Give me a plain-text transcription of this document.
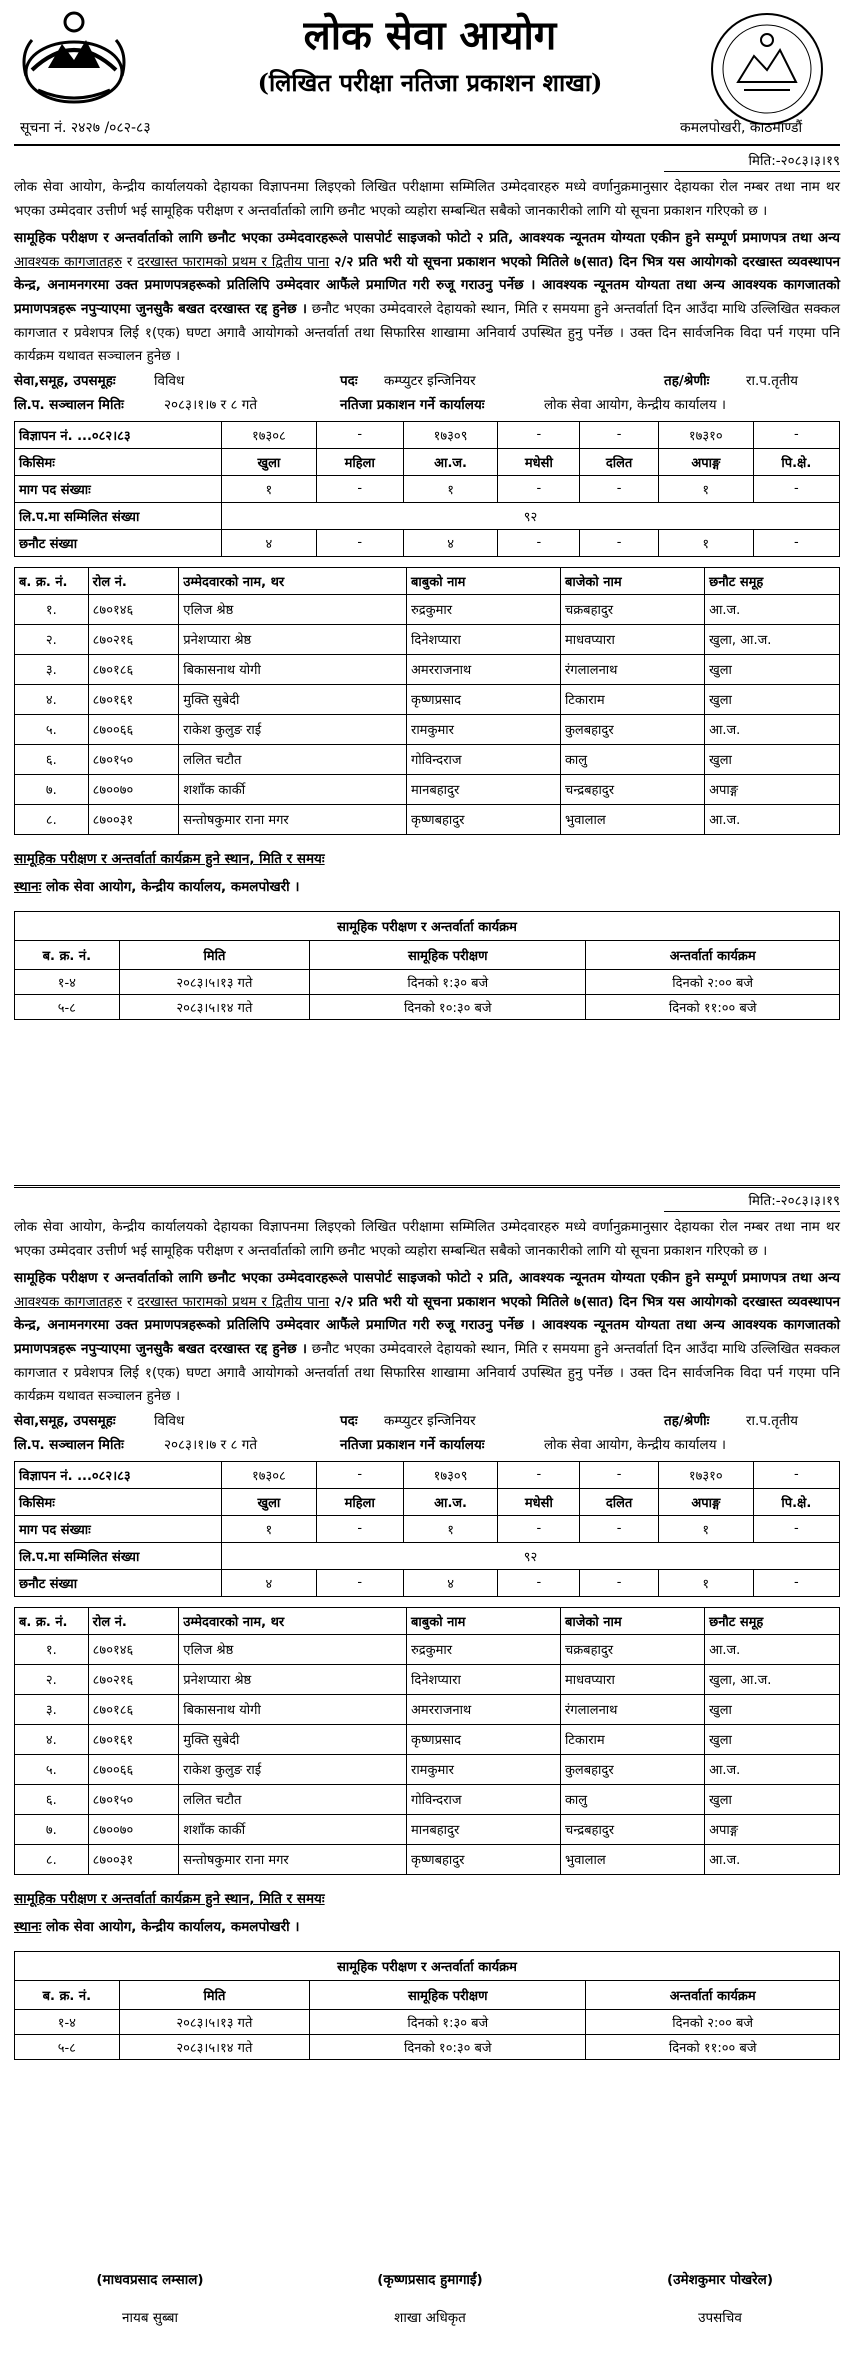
लोक सेवा आयोग
(लिखित परीक्षा नतिजा प्रकाशन शाखा)
सूचना नं. २४२७ /०८२-८३	कमलपोखरी, काठमाण्डौं
(माधवप्रसाद लम्साल)
नायब सुब्बा
(कृष्णप्रसाद हुमागाईं)
शाखा अधिकृत
(उमेशकुमार पोखरेल)
उपसचिव
मिति:-२०८३।३।१९
लोक सेवा आयोग, केन्द्रीय कार्यालयको देहायका विज्ञापनमा लिइएको लिखित परीक्षामा सम्मिलित उम्मेदवारहरु मध्ये वर्णानुक्रमानुसार देहायका रोल नम्बर तथा नाम थर भएका उम्मेदवार उत्तीर्ण भई सामूहिक परीक्षण र अन्तर्वार्ताको लागि छनौट भएको व्यहोरा सम्बन्धित सबैको जानकारीको लागि यो सूचना प्रकाशन गरिएको छ ।
सामूहिक परीक्षण र अन्तर्वार्ताको लागि छनौट भएका उम्मेदवारहरूले पासपोर्ट साइजको फोटो २ प्रति, आवश्यक न्यूनतम योग्यता एकीन हुने सम्पूर्ण प्रमाणपत्र तथा अन्य आवश्यक कागजातहरु र दरखास्त फारामको प्रथम र द्वितीय पाना २/२ प्रति भरी यो सूचना प्रकाशन भएको मितिले ७(सात) दिन भित्र यस आयोगको दरखास्त व्यवस्थापन केन्द्र, अनामनगरमा उक्त प्रमाणपत्रहरूको प्रतिलिपि उम्मेदवार आफैंले प्रमाणित गरी रुजू गराउनु पर्नेछ । आवश्यक न्यूनतम योग्यता तथा अन्य आवश्यक कागजातको प्रमाणपत्रहरू नपुऱ्याएमा जुनसुकै बखत दरखास्त रद्द हुनेछ । छनौट भएका उम्मेदवारले देहायको स्थान, मिति र समयमा हुने अन्तर्वार्ता दिन आउँदा माथि उल्लिखित सक्कल कागजात र प्रवेशपत्र लिई १(एक) घण्टा अगावै आयोगको अन्तर्वार्ता तथा सिफारिस शाखामा अनिवार्य उपस्थित हुनु पर्नेछ । उक्त दिन सार्वजनिक विदा पर्न गएमा पनि कार्यक्रम यथावत सञ्चालन हुनेछ ।
सेवा,समूह, उपसमूहः	विविध	पदः कम्प्युटर इन्जिनियर	तह/श्रेणीः	रा.प.तृतीय
लि.प. सञ्चालन मितिः	२०८३।१।७ र ८ गते	नतिजा प्रकाशन गर्ने कार्यालयः	लोक सेवा आयोग, केन्द्रीय कार्यालय ।
विज्ञापन नं. ...०८२।८३	१७३०८	-	१७३०९	-	-	१७३१०	-
किसिमः	खुला	महिला	आ.ज.	मधेसी	दलित	अपाङ्ग	पि.क्षे.
माग पद संख्याः	१	-	१	-	-	१	-
लि.प.मा सम्मिलित संख्या	९२						
छनौट संख्या	४	-	४	-	-	१	-
ब. क्र. नं.	रोल नं.	उम्मेदवारको नाम, थर	बाबुको नाम	बाजेको नाम	छनौट समूह
१.	८७०१४६	एलिज श्रेष्ठ	रुद्रकुमार	चक्रबहादुर	आ.ज.
२.	८७०२१६	प्रनेशप्यारा श्रेष्ठ	दिनेशप्यारा	माधवप्यारा	खुला, आ.ज.
३.	८७०१८६	बिकासनाथ योगी	अमरराजनाथ	रंगलालनाथ	खुला
४.	८७०१६१	मुक्ति सुबेदी	कृष्णप्रसाद	टिकाराम	खुला
५.	८७००६६	राकेश कुलुङ राई	रामकुमार	कुलबहादुर	आ.ज.
६.	८७०१५०	ललित चटौत	गोविन्दराज	कालु	खुला
७.	८७००७०	शशाँक कार्की	मानबहादुर	चन्द्रबहादुर	अपाङ्ग
८.	८७००३१	सन्तोषकुमार राना मगर	कृष्णबहादुर	भुवालाल	आ.ज.
सामूहिक परीक्षण र अन्तर्वार्ता कार्यक्रम हुने स्थान, मिति र समयः
स्थानः लोक सेवा आयोग, केन्द्रीय कार्यालय, कमलपोखरी ।
सामूहिक परीक्षण र अन्तर्वार्ता कार्यक्रम			
ब. क्र. नं.	मिति	सामूहिक परीक्षण	अन्तर्वार्ता कार्यक्रम
१-४	२०८३।५।१३ गते	दिनको १:३० बजे	दिनको २:०० बजे
५-८	२०८३।५।१४ गते	दिनको १०:३० बजे	दिनको ११:०० बजे
मिति:-२०८३।३।१९
लोक सेवा आयोग, केन्द्रीय कार्यालयको देहायका विज्ञापनमा लिइएको लिखित परीक्षामा सम्मिलित उम्मेदवारहरु मध्ये वर्णानुक्रमानुसार देहायका रोल नम्बर तथा नाम थर भएका उम्मेदवार उत्तीर्ण भई सामूहिक परीक्षण र अन्तर्वार्ताको लागि छनौट भएको व्यहोरा सम्बन्धित सबैको जानकारीको लागि यो सूचना प्रकाशन गरिएको छ ।
सामूहिक परीक्षण र अन्तर्वार्ताको लागि छनौट भएका उम्मेदवारहरूले पासपोर्ट साइजको फोटो २ प्रति, आवश्यक न्यूनतम योग्यता एकीन हुने सम्पूर्ण प्रमाणपत्र तथा अन्य आवश्यक कागजातहरु र दरखास्त फारामको प्रथम र द्वितीय पाना २/२ प्रति भरी यो सूचना प्रकाशन भएको मितिले ७(सात) दिन भित्र यस आयोगको दरखास्त व्यवस्थापन केन्द्र, अनामनगरमा उक्त प्रमाणपत्रहरूको प्रतिलिपि उम्मेदवार आफैंले प्रमाणित गरी रुजू गराउनु पर्नेछ । आवश्यक न्यूनतम योग्यता तथा अन्य आवश्यक कागजातको प्रमाणपत्रहरू नपुऱ्याएमा जुनसुकै बखत दरखास्त रद्द हुनेछ । छनौट भएका उम्मेदवारले देहायको स्थान, मिति र समयमा हुने अन्तर्वार्ता दिन आउँदा माथि उल्लिखित सक्कल कागजात र प्रवेशपत्र लिई १(एक) घण्टा अगावै आयोगको अन्तर्वार्ता तथा सिफारिस शाखामा अनिवार्य उपस्थित हुनु पर्नेछ । उक्त दिन सार्वजनिक विदा पर्न गएमा पनि कार्यक्रम यथावत सञ्चालन हुनेछ ।
सेवा,समूह, उपसमूहः	विविध	पदः कम्प्युटर इन्जिनियर	तह/श्रेणीः	रा.प.तृतीय
लि.प. सञ्चालन मितिः	२०८३।१।७ र ८ गते	नतिजा प्रकाशन गर्ने कार्यालयः	लोक सेवा आयोग, केन्द्रीय कार्यालय ।
विज्ञापन नं. ...०८२।८३	१७३०८	-	१७३०९	-	-	१७३१०	-
किसिमः	खुला	महिला	आ.ज.	मधेसी	दलित	अपाङ्ग	पि.क्षे.
माग पद संख्याः	१	-	१	-	-	१	-
लि.प.मा सम्मिलित संख्या	९२						
छनौट संख्या	४	-	४	-	-	१	-
ब. क्र. नं.	रोल नं.	उम्मेदवारको नाम, थर	बाबुको नाम	बाजेको नाम	छनौट समूह
१.	८७०१४६	एलिज श्रेष्ठ	रुद्रकुमार	चक्रबहादुर	आ.ज.
२.	८७०२१६	प्रनेशप्यारा श्रेष्ठ	दिनेशप्यारा	माधवप्यारा	खुला, आ.ज.
३.	८७०१८६	बिकासनाथ योगी	अमरराजनाथ	रंगलालनाथ	खुला
४.	८७०१६१	मुक्ति सुबेदी	कृष्णप्रसाद	टिकाराम	खुला
५.	८७००६६	राकेश कुलुङ राई	रामकुमार	कुलबहादुर	आ.ज.
६.	८७०१५०	ललित चटौत	गोविन्दराज	कालु	खुला
७.	८७००७०	शशाँक कार्की	मानबहादुर	चन्द्रबहादुर	अपाङ्ग
८.	८७००३१	सन्तोषकुमार राना मगर	कृष्णबहादुर	भुवालाल	आ.ज.
सामूहिक परीक्षण र अन्तर्वार्ता कार्यक्रम हुने स्थान, मिति र समयः
स्थानः लोक सेवा आयोग, केन्द्रीय कार्यालय, कमलपोखरी ।
सामूहिक परीक्षण र अन्तर्वार्ता कार्यक्रम			
ब. क्र. नं.	मिति	सामूहिक परीक्षण	अन्तर्वार्ता कार्यक्रम
१-४	२०८३।५।१३ गते	दिनको १:३० बजे	दिनको २:०० बजे
५-८	२०८३।५।१४ गते	दिनको १०:३० बजे	दिनको ११:०० बजे
